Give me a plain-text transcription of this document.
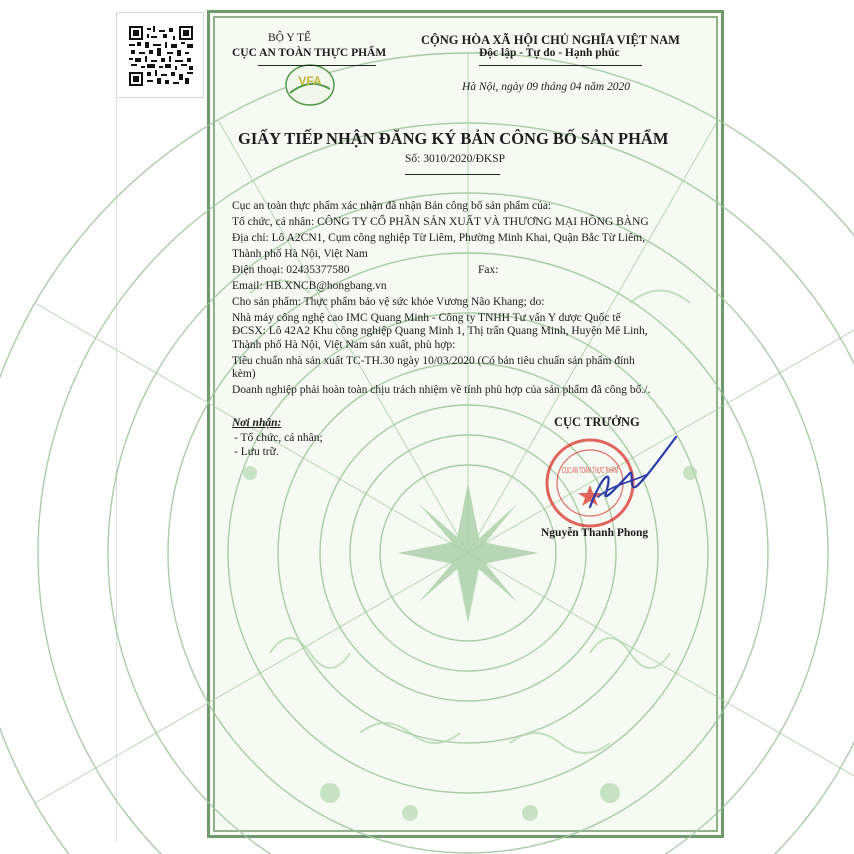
VFA
BỘ Y TẾ
CỤC AN TOÀN THỰC PHẨM
CỘNG HÒA XÃ HỘI CHỦ NGHĨA VIỆT NAM
Độc lập - Tự do - Hạnh phúc
Hà Nội, ngày 09 tháng 04 năm 2020
GIẤY TIẾP NHẬN ĐĂNG KÝ BẢN CÔNG BỐ SẢN PHẨM
Số: 3010/2020/ĐKSP
Cục an toàn thực phẩm xác nhận đã nhận Bản công bố sản phẩm của:
Tổ chức, cá nhân: CÔNG TY CỔ PHẦN SẢN XUẤT VÀ THƯƠNG MẠI HỒNG BÀNG
Địa chỉ: Lô A2CN1, Cụm công nghiệp Từ Liêm, Phường Minh Khai, Quận Bắc Từ Liêm,
Thành phố Hà Nội, Việt Nam
Điện thoại: 02435377580	Fax:
Email: HB.XNCB@hongbang.vn
Cho sản phẩm: Thực phẩm bảo vệ sức khỏe Vương Não Khang; do:
Nhà máy công nghệ cao IMC Quang Minh - Công ty TNHH Tư vấn Y dược Quốc tế
ĐCSX: Lô 42A2 Khu công nghiệp Quang Minh 1, Thị trấn Quang Minh, Huyện Mê Linh,
Thành phố Hà Nội, Việt Nam sản xuất, phù hợp:
Tiêu chuẩn nhà sản xuất TC-TH.30 ngày 10/03/2020 (Có bản tiêu chuẩn sản phẩm đính
kèm)
Doanh nghiệp phải hoàn toàn chịu trách nhiệm về tính phù hợp của sản phẩm đã công bố./.
Nơi nhận:
- Tổ chức, cá nhân;
- Lưu trữ.
CỤC TRƯỞNG
CỤC AN TOÀN THỰC PHẨM
Nguyễn Thanh Phong
